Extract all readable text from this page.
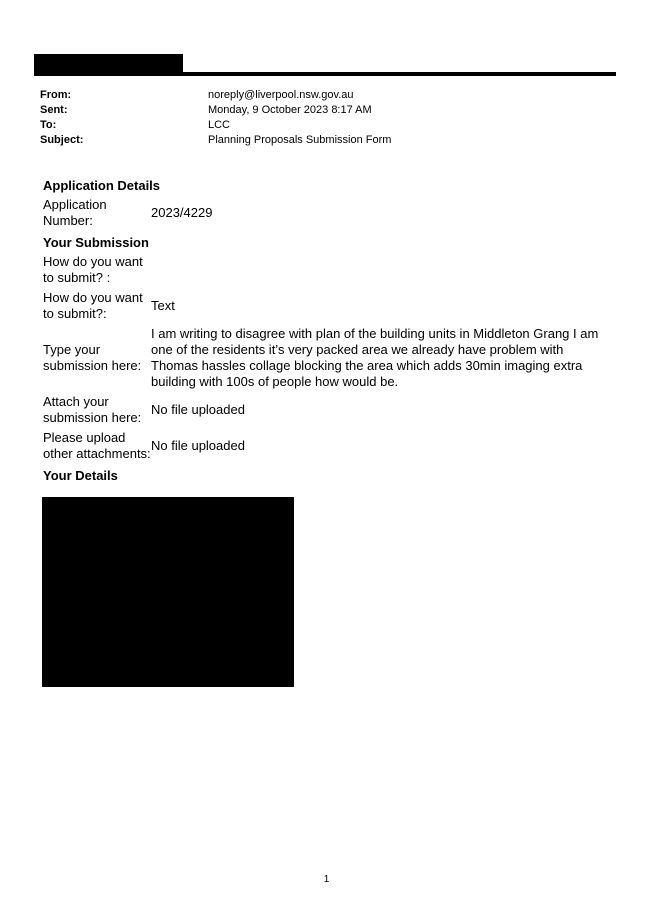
From:	noreply@liverpool.nsw.gov.au
Sent:	Monday, 9 October 2023 8:17 AM
To:	LCC
Subject:	Planning Proposals Submission Form
Application Details
Application Number:
2023/4229
Your Submission
How do you want to submit? :
How do you want to submit?:
Text
Type your submission here:
I am writing to disagree with plan of the building units in Middleton Grang I am one of the residents it’s very packed area we already have problem with Thomas hassles collage blocking the area which adds 30min imaging extra building with 100s of people how would be.
Attach your submission here:
No file uploaded
Please upload other attachments:
No file uploaded
Your Details
1
